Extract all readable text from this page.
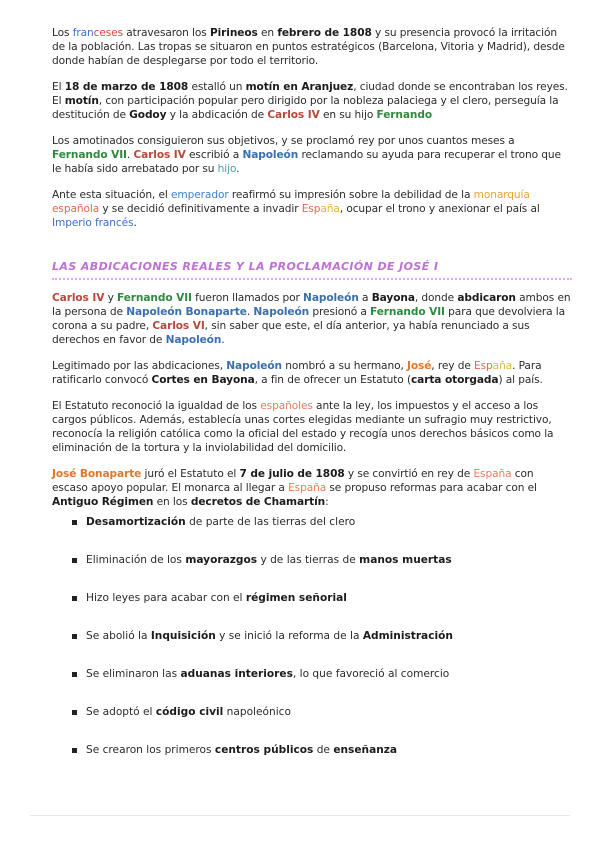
Los franceses atravesaron los Pirineos en febrero de 1808 y su presencia provocó la irritación de la población. Las tropas se situaron en puntos estratégicos (Barcelona, Vitoria y Madrid), desde donde habían de desplegarse por todo el territorio.

El 18 de marzo de 1808 estalló un motín en Aranjuez, ciudad donde se encontraban los reyes. El motín, con participación popular pero dirigido por la nobleza palaciega y el clero, perseguía la destitución de Godoy y la abdicación de Carlos IV en su hijo Fernando

Los amotinados consiguieron sus objetivos, y se proclamó rey por unos cuantos meses a Fernando VII. Carlos IV escribió a Napoleón reclamando su ayuda para recuperar el trono que le había sido arrebatado por su hijo.

Ante esta situación, el emperador reafirmó su impresión sobre la debilidad de la monarquía española y se decidió definitivamente a invadir España, ocupar el trono y anexionar el país al Imperio francés.

LAS ABDICACIONES REALES Y LA PROCLAMACIÓN DE JOSÉ I

Carlos IV y Fernando VII fueron llamados por Napoleón a Bayona, donde abdicaron ambos en la persona de Napoleón Bonaparte. Napoleón presionó a Fernando VII para que devolviera la corona a su padre, Carlos VI, sin saber que este, el día anterior, ya había renunciado a sus derechos en favor de Napoleón.

Legitimado por las abdicaciones, Napoleón nombró a su hermano, José, rey de España. Para ratificarlo convocó Cortes en Bayona, a fin de ofrecer un Estatuto (carta otorgada) al país.

El Estatuto reconoció la igualdad de los españoles ante la ley, los impuestos y el acceso a los cargos públicos. Además, establecía unas cortes elegidas mediante un sufragio muy restrictivo, reconocía la religión católica como la oficial del estado y recogía unos derechos básicos como la eliminación de la tortura y la inviolabilidad del domicilio.

José Bonaparte juró el Estatuto el 7 de julio de 1808 y se convirtió en rey de España con escaso apoyo popular. El monarca al llegar a España se propuso reformas para acabar con el Antiguo Régimen en los decretos de Chamartín:

Desamortización de parte de las tierras del clero
Eliminación de los mayorazgos y de las tierras de manos muertas
Hizo leyes para acabar con el régimen señorial
Se abolió la Inquisición y se inició la reforma de la Administración
Se eliminaron las aduanas interiores, lo que favoreció al comercio
Se adoptó el código civil napoleónico
Se crearon los primeros centros públicos de enseñanza
